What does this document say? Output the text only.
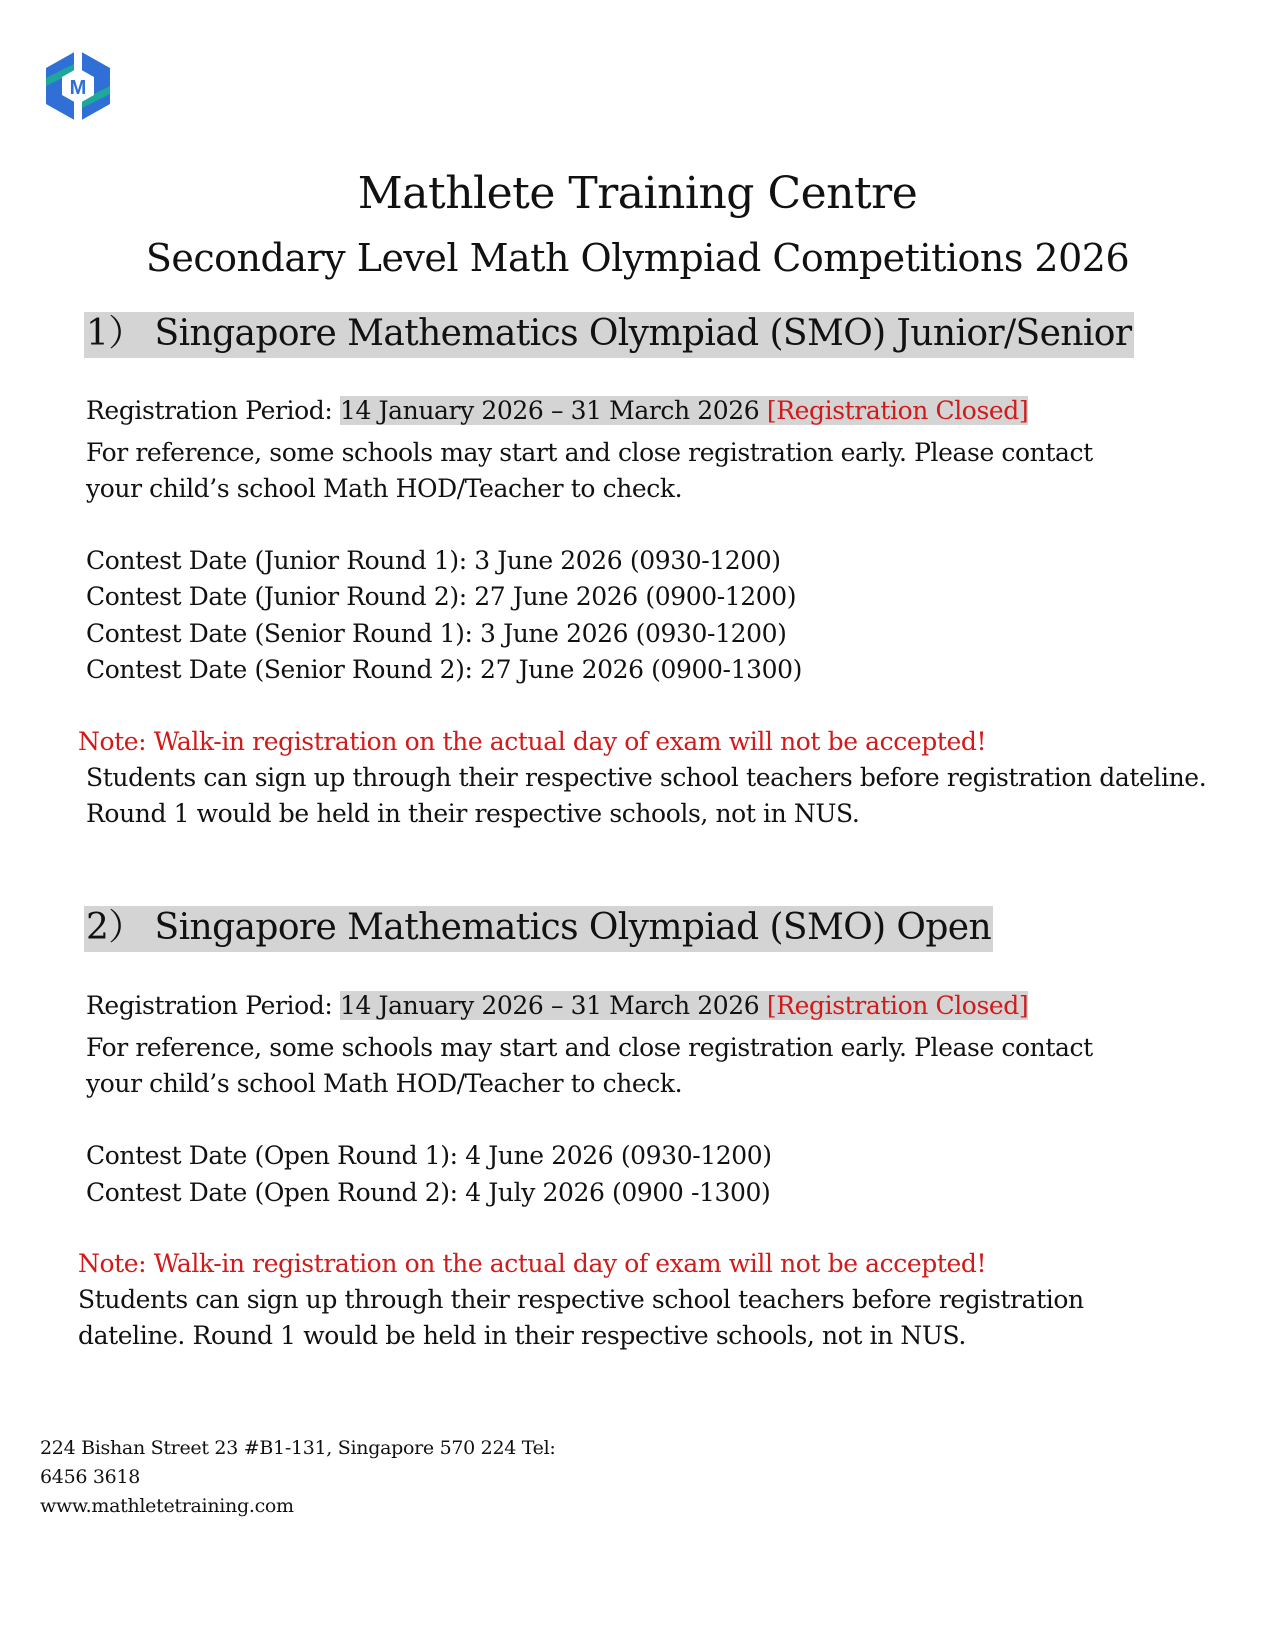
M
Mathlete Training Centre
Secondary Level Math Olympiad Competitions 2026
1） Singapore Mathematics Olympiad (SMO) Junior/Senior
Registration Period: 14 January 2026 – 31 March 2026 [Registration Closed]
For reference, some schools may start and close registration early. Please contact
your child’s school Math HOD/Teacher to check.
Contest Date (Junior Round 1): 3 June 2026 (0930-1200)
Contest Date (Junior Round 2): 27 June 2026 (0900-1200)
Contest Date (Senior Round 1): 3 June 2026 (0930-1200)
Contest Date (Senior Round 2): 27 June 2026 (0900-1300)
Note: Walk-in registration on the actual day of exam will not be accepted!
Students can sign up through their respective school teachers before registration dateline.
Round 1 would be held in their respective schools, not in NUS.
2） Singapore Mathematics Olympiad (SMO) Open
Registration Period: 14 January 2026 – 31 March 2026 [Registration Closed]
For reference, some schools may start and close registration early. Please contact
your child’s school Math HOD/Teacher to check.
Contest Date (Open Round 1): 4 June 2026 (0930-1200)
Contest Date (Open Round 2): 4 July 2026 (0900 -1300)
Note: Walk-in registration on the actual day of exam will not be accepted!
Students can sign up through their respective school teachers before registration
dateline. Round 1 would be held in their respective schools, not in NUS.
224 Bishan Street 23 #B1-131, Singapore 570 224 Tel:
6456 3618
www.mathletetraining.com
